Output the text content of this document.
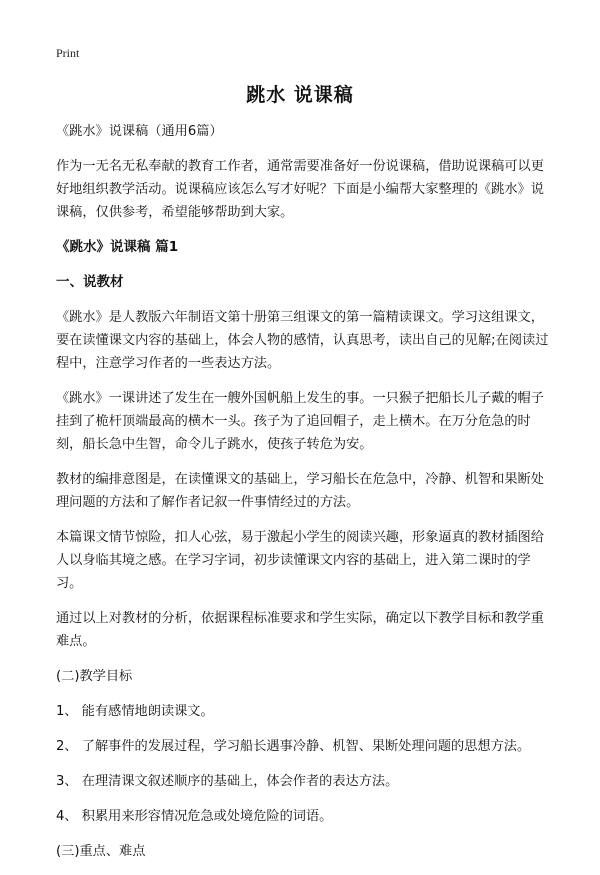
Print
跳水 说课稿

《跳水》说课稿（通用6篇）

作为一无名无私奉献的教育工作者，通常需要准备好一份说课稿，借助说课稿可以更好地组织教学活动。说课稿应该怎么写才好呢？下面是小编帮大家整理的《跳水》说课稿，仅供参考，希望能够帮助到大家。

《跳水》说课稿 篇1

一、说教材

《跳水》是人教版六年制语文第十册第三组课文的第一篇精读课文。学习这组课文，要在读懂课文内容的基础上，体会人物的感情，认真思考，读出自己的见解;在阅读过程中，注意学习作者的一些表达方法。

《跳水》一课讲述了发生在一艘外国帆船上发生的事。一只猴子把船长儿子戴的帽子挂到了桅杆顶端最高的横木一头。孩子为了追回帽子，走上横木。在万分危急的时刻，船长急中生智，命令儿子跳水，使孩子转危为安。

教材的编排意图是，在读懂课文的基础上，学习船长在危急中，冷静、机智和果断处理问题的方法和了解作者记叙一件事情经过的方法。

本篇课文情节惊险，扣人心弦，易于激起小学生的阅读兴趣，形象逼真的教材插图给人以身临其境之感。在学习字词，初步读懂课文内容的基础上，进入第二课时的学习。

通过以上对教材的分析，依据课程标准要求和学生实际，确定以下教学目标和教学重难点。

(二)教学目标

1、 能有感情地朗读课文。

2、 了解事件的发展过程，学习船长遇事冷静、机智、果断处理问题的思想方法。

3、 在理清课文叙述顺序的基础上，体会作者的表达方法。

4、 积累用来形容情况危急或处境危险的词语。

(三)重点、难点
